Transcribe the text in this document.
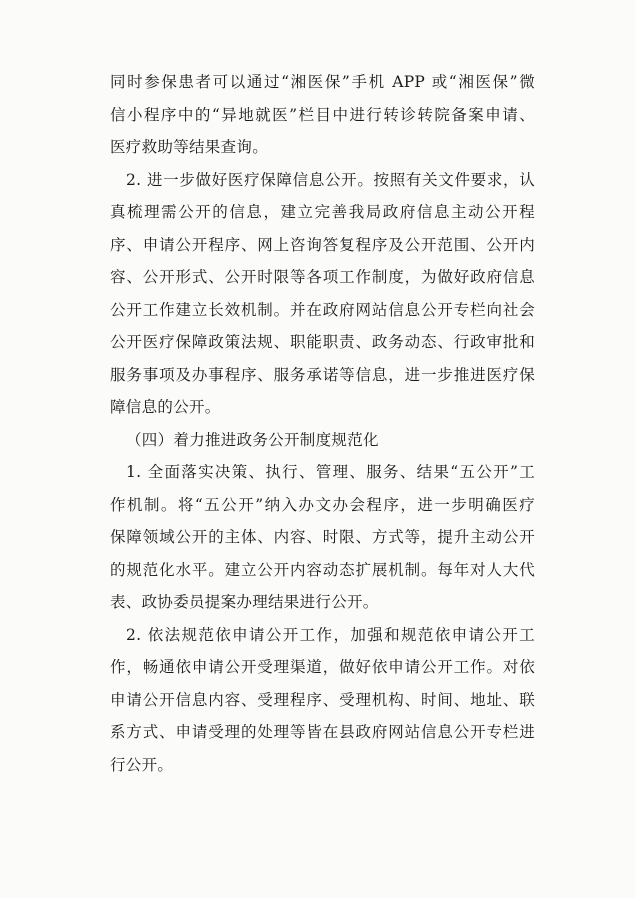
同时参保患者可以通过“湘医保”手机 APP 或“湘医保”微
信小程序中的“异地就医”栏目中进行转诊转院备案申请、
医疗救助等结果查询。
2. 进一步做好医疗保障信息公开。按照有关文件要求，认
真梳理需公开的信息，建立完善我局政府信息主动公开程
序、申请公开程序、网上咨询答复程序及公开范围、公开内
容、公开形式、公开时限等各项工作制度，为做好政府信息
公开工作建立长效机制。并在政府网站信息公开专栏向社会
公开医疗保障政策法规、职能职责、政务动态、行政审批和
服务事项及办事程序、服务承诺等信息，进一步推进医疗保
障信息的公开。
（四）着力推进政务公开制度规范化
1. 全面落实决策、执行、管理、服务、结果“五公开”工
作机制。将“五公开”纳入办文办会程序，进一步明确医疗
保障领域公开的主体、内容、时限、方式等，提升主动公开
的规范化水平。建立公开内容动态扩展机制。每年对人大代
表、政协委员提案办理结果进行公开。
2. 依法规范依申请公开工作，加强和规范依申请公开工
作，畅通依申请公开受理渠道，做好依申请公开工作。对依
申请公开信息内容、受理程序、受理机构、时间、地址、联
系方式、申请受理的处理等皆在县政府网站信息公开专栏进
行公开。
